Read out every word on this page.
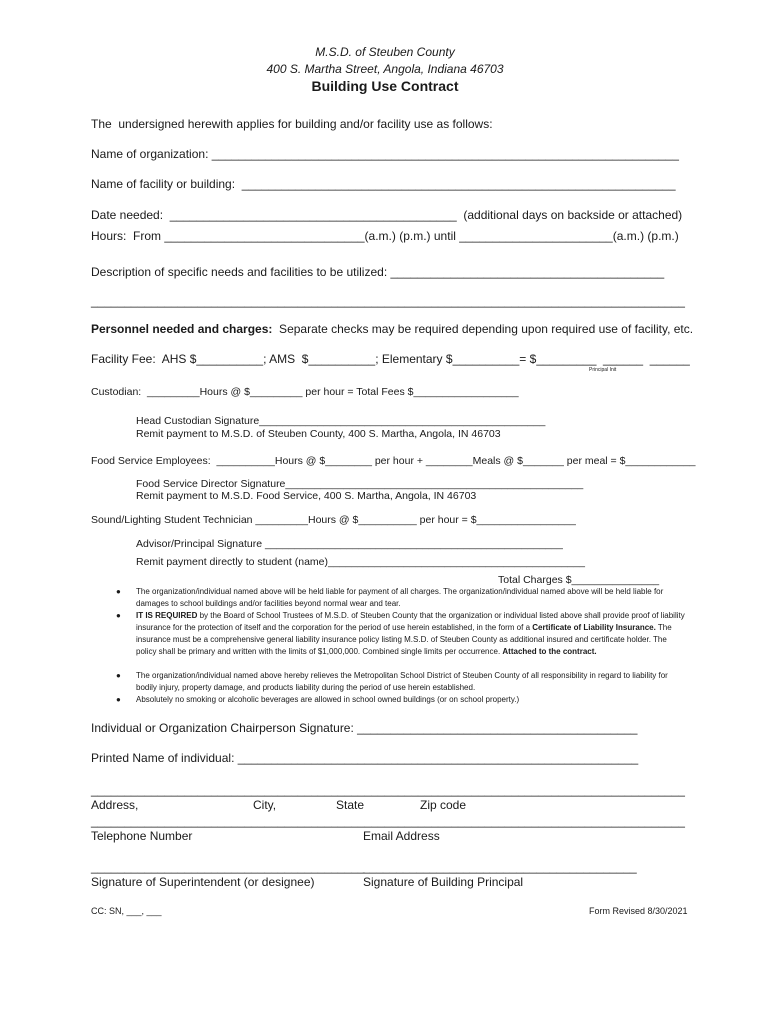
M.S.D. of Steuben County
400 S. Martha Street, Angola, Indiana 46703
Building Use Contract
The  undersigned herewith applies for building and/or facility use as follows:
Name of organization: ______________________________________________________________________
Name of facility or building:  _________________________________________________________________
Date needed:  ___________________________________________  (additional days on backside or attached)
Hours:  From ______________________________(a.m.) (p.m.) until _______________________(a.m.) (p.m.)
Description of specific needs and facilities to be utilized: _________________________________________
_________________________________________________________________________________________
Personnel needed and charges:  Separate checks may be required depending upon required use of facility, etc.
Facility Fee:  AHS $__________; AMS  $__________; Elementary $__________= $_________  ______  ______
Principal Init
Custodian:  _________Hours @ $_________ per hour = Total Fees $__________________
Head Custodian Signature_________________________________________________
Remit payment to M.S.D. of Steuben County, 400 S. Martha, Angola, IN 46703
Food Service Employees:  __________Hours @ $________ per hour + ________Meals @ $_______ per meal = $____________
Food Service Director Signature___________________________________________________
Remit payment to M.S.D. Food Service, 400 S. Martha, Angola, IN 46703
Sound/Lighting Student Technician _________Hours @ $__________ per hour = $_________________
Advisor/Principal Signature ___________________________________________________
Remit payment directly to student (name)____________________________________________
Total Charges $_______________
● The organization/individual named above will be held liable for payment of all charges. The organization/individual named above will be held liable for damages to school buildings and/or facilities beyond normal wear and tear.
● IT IS REQUIRED by the Board of School Trustees of M.S.D. of Steuben County that the organization or individual listed above shall provide proof of liability insurance for the protection of itself and the corporation for the period of use herein established, in the form of a Certificate of Liability Insurance. The insurance must be a comprehensive general liability insurance policy listing M.S.D. of Steuben County as additional insured and certificate holder. The policy shall be primary and written with the limits of $1,000,000. Combined single limits per occurrence. Attached to the contract.
● The organization/individual named above hereby relieves the Metropolitan School District of Steuben County of all responsibility in regard to liability for bodily injury, property damage, and products liability during the period of use herein established.
● Absolutely no smoking or alcoholic beverages are allowed in school owned buildings (or on school property.)
Individual or Organization Chairperson Signature: __________________________________________
Printed Name of individual: ____________________________________________________________
_________________________________________________________________________________________
Address,	City,	State	Zip code
_________________________________________________________________________________________
Telephone Number	Email Address
_________________________________________
_________________________________________
Signature of Superintendent (or designee)	Signature of Building Principal
CC: SN, ___, ___	Form Revised 8/30/2021
